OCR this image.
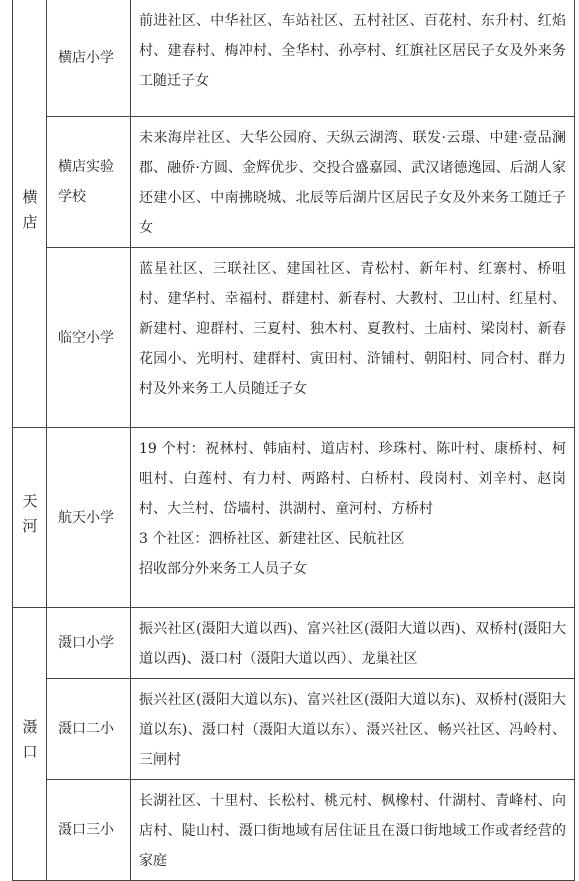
横店	横店小学	前进社区、中华社区、车站社区、五村社区、百花村、东升村、红焰村、建春村、梅冲村、全华村、孙亭村、红旗社区居民子女及外来务工随迁子女
	横店实验学校	未来海岸社区、大华公园府、天纵云湖湾、联发·云璟、中建·壹品澜郡、融侨·方圆、金辉优步、交投合盛嘉园、武汉诸德逸园、后湖人家还建小区、中南拂晓城、北辰等后湖片区居民子女及外来务工随迁子女
	临空小学	蓝星社区、三联社区、建国社区、青松村、新年村、红寨村、桥咀村、建华村、幸福村、群建村、新春村、大教村、卫山村、红星村、新建村、迎群村、三夏村、独木村、夏教村、土庙村、梁岗村、新春花园小、光明村、建群村、寅田村、浒铺村、朝阳村、同合村、群力村及外来务工人员随迁子女

天河	航天小学	19 个村：祝林村、韩庙村、道店村、珍珠村、陈叶村、康桥村、柯咀村、白莲村、有力村、两路村、白桥村、段岗村、刘辛村、赵岗村、大兰村、岱墙村、洪湖村、童河村、方桥村
3 个社区：泗桥社区、新建社区、民航社区
招收部分外来务工人员子女

滠口	滠口小学	振兴社区(滠阳大道以西)、富兴社区(滠阳大道以西)、双桥村(滠阳大道以西)、滠口村（滠阳大道以西）、龙巢社区
	滠口二小	振兴社区(滠阳大道以东)、富兴社区(滠阳大道以东)、双桥村(滠阳大道以东)、滠口村（滠阳大道以东）、滠兴社区、畅兴社区、冯岭村、三闸村
	滠口三小	长湖社区、十里村、长松村、桃元村、枫橡村、什湖村、青峰村、向店村、陡山村、滠口街地域有居住证且在滠口街地域工作或者经营的家庭
